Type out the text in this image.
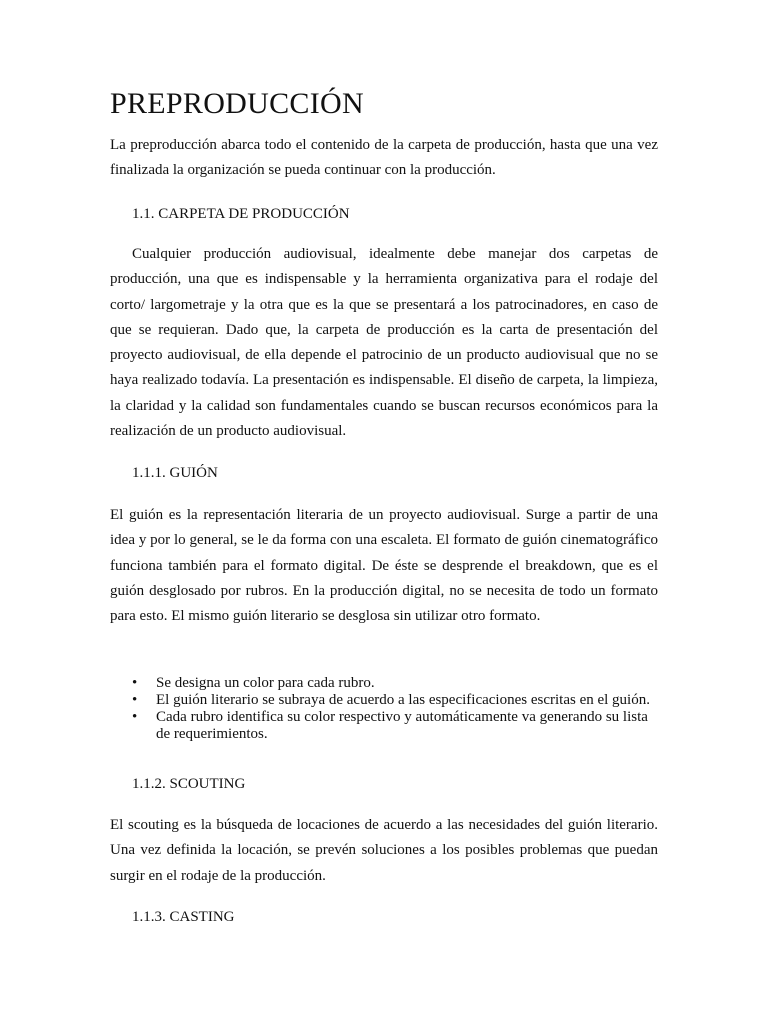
PREPRODUCCIÓN

La preproducción abarca todo el contenido de la carpeta de producción, hasta que una vez finalizada la organización se pueda continuar con la producción.

1.1. CARPETA DE PRODUCCIÓN

Cualquier producción audiovisual, idealmente debe manejar dos carpetas de producción, una que es indispensable y la herramienta organizativa para el rodaje del corto/ largometraje y la otra que es la que se presentará a los patrocinadores, en caso de que se requieran. Dado que, la carpeta de producción es la carta de presentación del proyecto audiovisual, de ella depende el patrocinio de un producto audiovisual que no se haya realizado todavía. La presentación es indispensable. El diseño de carpeta, la limpieza, la claridad y la calidad son fundamentales cuando se buscan recursos económicos para la realización de un producto audiovisual.

1.1.1. GUIÓN

El guión es la representación literaria de un proyecto audiovisual. Surge a partir de una idea y por lo general, se le da forma con una escaleta. El formato de guión cinematográfico funciona también para el formato digital. De éste se desprende el breakdown, que es el guión desglosado por rubros. En la producción digital, no se necesita de todo un formato para esto. El mismo guión literario se desglosa sin utilizar otro formato.

• Se designa un color para cada rubro.
• El guión literario se subraya de acuerdo a las especificaciones escritas en el guión.
• Cada rubro identifica su color respectivo y automáticamente va generando su lista de requerimientos.
1.1.2. SCOUTING

El scouting es la búsqueda de locaciones de acuerdo a las necesidades del guión literario. Una vez definida la locación, se prevén soluciones a los posibles problemas que puedan surgir en el rodaje de la producción.

1.1.3. CASTING
